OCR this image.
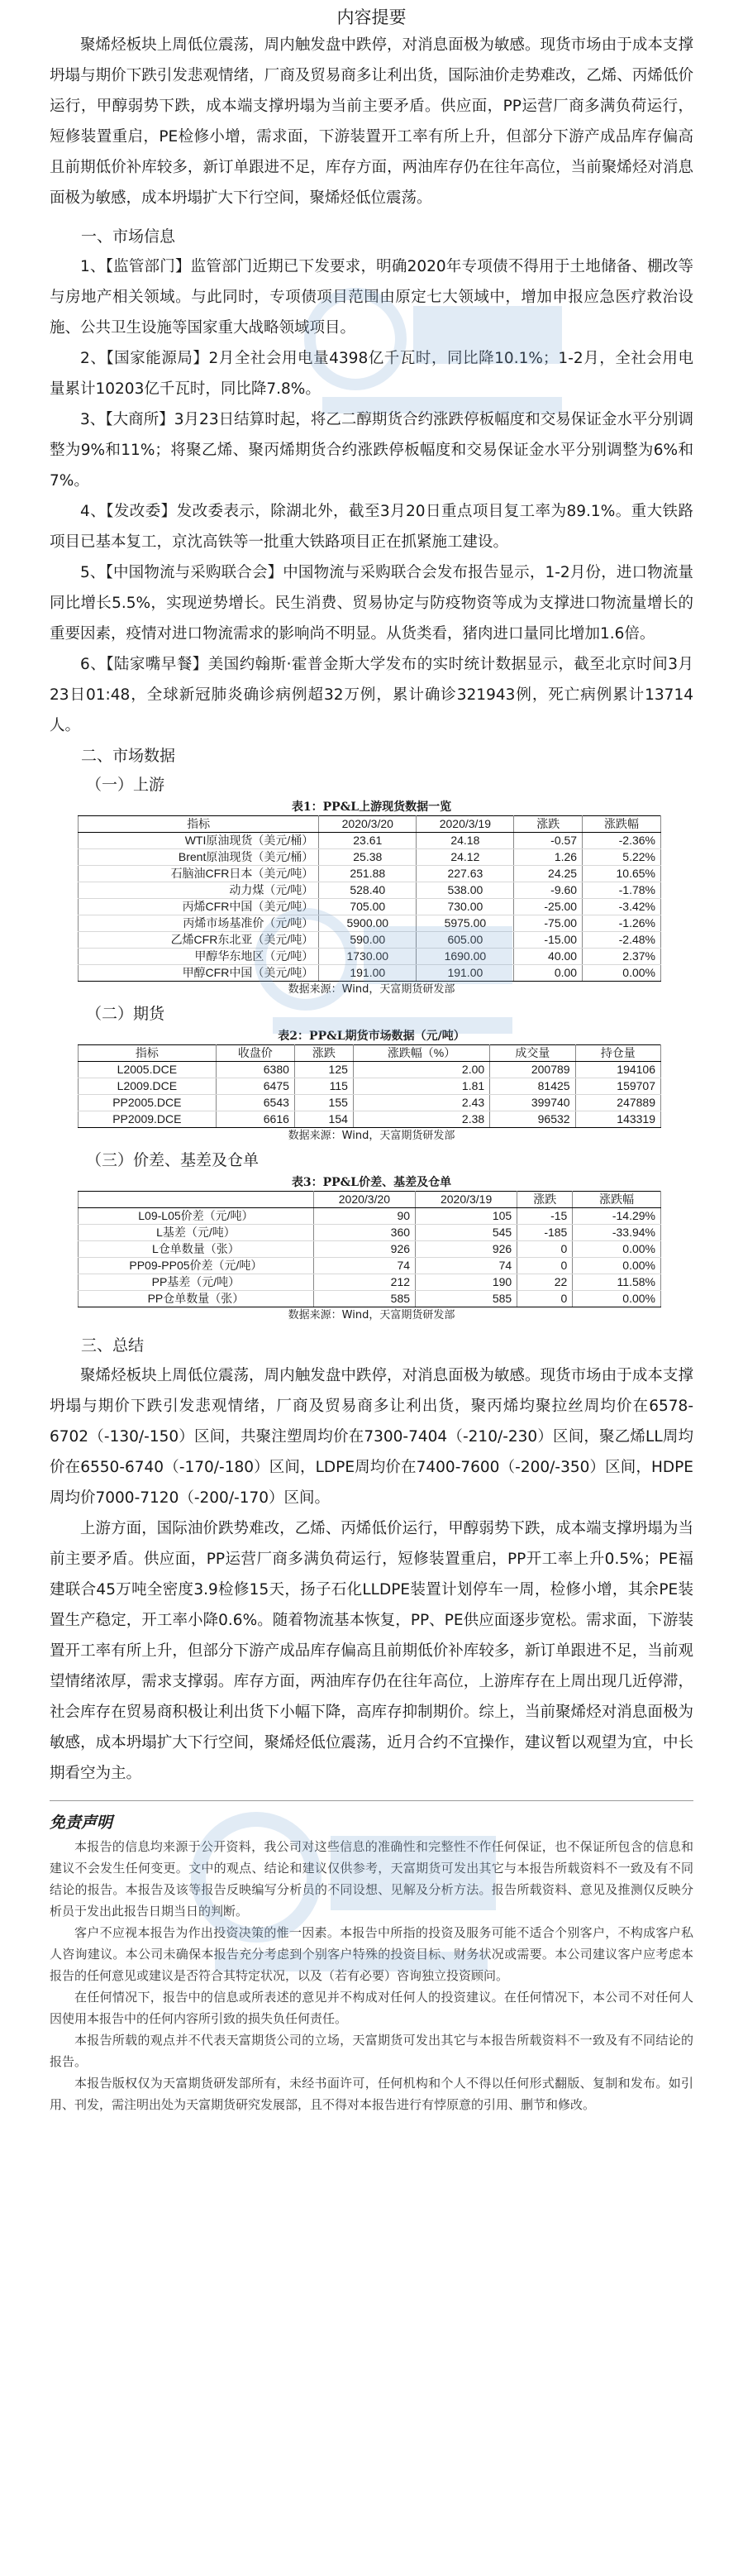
内容提要

聚烯烃板块上周低位震荡，周内触发盘中跌停，对消息面极为敏感。现货市场由于成本支撑坍塌与期价下跌引发悲观情绪，厂商及贸易商多让利出货，国际油价走势难改，乙烯、丙烯低价运行，甲醇弱势下跌，成本端支撑坍塌为当前主要矛盾。供应面，PP运营厂商多满负荷运行，短修装置重启，PE检修小增，需求面，下游装置开工率有所上升，但部分下游产成品库存偏高且前期低价补库较多，新订单跟进不足，库存方面，两油库存仍在往年高位，当前聚烯烃对消息面极为敏感，成本坍塌扩大下行空间，聚烯烃低位震荡。

一、市场信息

1、【监管部门】监管部门近期已下发要求，明确2020年专项债不得用于土地储备、棚改等与房地产相关领域。与此同时，专项债项目范围由原定七大领域中，增加申报应急医疗救治设施、公共卫生设施等国家重大战略领域项目。

2、【国家能源局】2月全社会用电量4398亿千瓦时，同比降10.1%；1-2月，全社会用电量累计10203亿千瓦时，同比降7.8%。

3、【大商所】3月23日结算时起，将乙二醇期货合约涨跌停板幅度和交易保证金水平分别调整为9%和11%；将聚乙烯、聚丙烯期货合约涨跌停板幅度和交易保证金水平分别调整为6%和7%。

4、【发改委】发改委表示，除湖北外，截至3月20日重点项目复工率为89.1%。重大铁路项目已基本复工，京沈高铁等一批重大铁路项目正在抓紧施工建设。

5、【中国物流与采购联合会】中国物流与采购联合会发布报告显示，1-2月份，进口物流量同比增长5.5%，实现逆势增长。民生消费、贸易协定与防疫物资等成为支撑进口物流量增长的重要因素，疫情对进口物流需求的影响尚不明显。从货类看，猪肉进口量同比增加1.6倍。

6、【陆家嘴早餐】美国约翰斯·霍普金斯大学发布的实时统计数据显示，截至北京时间3月23日01:48，全球新冠肺炎确诊病例超32万例，累计确诊321943例，死亡病例累计13714人。

二、市场数据
（一）上游
表1：PP&L上游现货数据一览
指标	2020/3/20	2020/3/19	涨跌	涨跌幅
WTI原油现货（美元/桶）	23.61	24.18	-0.57	-2.36%
Brent原油现货（美元/桶）	25.38	24.12	1.26	5.22%
石脑油CFR日本（美元/吨）	251.88	227.63	24.25	10.65%
动力煤（元/吨）	528.40	538.00	-9.60	-1.78%
丙烯CFR中国（美元/吨）	705.00	730.00	-25.00	-3.42%
丙烯市场基准价（元/吨）	5900.00	5975.00	-75.00	-1.26%
乙烯CFR东北亚（美元/吨）	590.00	605.00	-15.00	-2.48%
甲醇华东地区（元/吨）	1730.00	1690.00	40.00	2.37%
甲醇CFR中国（美元/吨）	191.00	191.00	0.00	0.00%
数据来源：Wind，天富期货研发部
（二）期货
表2：PP&L期货市场数据（元/吨）
指标	收盘价	涨跌	涨跌幅（%）	成交量	持仓量
L2005.DCE	6380	125	2.00	200789	194106
L2009.DCE	6475	115	1.81	81425	159707
PP2005.DCE	6543	155	2.43	399740	247889
PP2009.DCE	6616	154	2.38	96532	143319
数据来源：Wind，天富期货研发部
（三）价差、基差及仓单
表3：PP&L价差、基差及仓单
	2020/3/20	2020/3/19	涨跌	涨跌幅
L09-L05价差（元/吨）	90	105	-15	-14.29%
L基差（元/吨）	360	545	-185	-33.94%
L仓单数量（张）	926	926	0	0.00%
PP09-PP05价差（元/吨）	74	74	0	0.00%
PP基差（元/吨）	212	190	22	11.58%
PP仓单数量（张）	585	585	0	0.00%
数据来源：Wind，天富期货研发部
三、总结

聚烯烃板块上周低位震荡，周内触发盘中跌停，对消息面极为敏感。现货市场由于成本支撑坍塌与期价下跌引发悲观情绪，厂商及贸易商多让利出货，聚丙烯均聚拉丝周均价在6578-6702（-130/-150）区间，共聚注塑周均价在7300-7404（-210/-230）区间，聚乙烯LL周均价在6550-6740（-170/-180）区间，LDPE周均价在7400-7600（-200/-350）区间，HDPE周均价7000-7120（-200/-170）区间。

上游方面，国际油价跌势难改，乙烯、丙烯低价运行，甲醇弱势下跌，成本端支撑坍塌为当前主要矛盾。供应面，PP运营厂商多满负荷运行，短修装置重启，PP开工率上升0.5%；PE福建联合45万吨全密度3.9检修15天，扬子石化LLDPE装置计划停车一周，检修小增，其余PE装置生产稳定，开工率小降0.6%。随着物流基本恢复，PP、PE供应面逐步宽松。需求面，下游装置开工率有所上升，但部分下游产成品库存偏高且前期低价补库较多，新订单跟进不足，当前观望情绪浓厚，需求支撑弱。库存方面，两油库存仍在往年高位，上游库存在上周出现几近停滞，社会库存在贸易商积极让利出货下小幅下降，高库存抑制期价。综上，当前聚烯烃对消息面极为敏感，成本坍塌扩大下行空间，聚烯烃低位震荡，近月合约不宜操作，建议暂以观望为宜，中长期看空为主。

免责声明

本报告的信息均来源于公开资料，我公司对这些信息的准确性和完整性不作任何保证，也不保证所包含的信息和建议不会发生任何变更。文中的观点、结论和建议仅供参考，天富期货可发出其它与本报告所载资料不一致及有不同结论的报告。本报告及该等报告反映编写分析员的不同设想、见解及分析方法。报告所载资料、意见及推测仅反映分析员于发出此报告日期当日的判断。

客户不应视本报告为作出投资决策的惟一因素。本报告中所指的投资及服务可能不适合个别客户，不构成客户私人咨询建议。本公司未确保本报告充分考虑到个别客户特殊的投资目标、财务状况或需要。本公司建议客户应考虑本报告的任何意见或建议是否符合其特定状况，以及（若有必要）咨询独立投资顾问。

在任何情况下，报告中的信息或所表述的意见并不构成对任何人的投资建议。在任何情况下，本公司不对任何人因使用本报告中的任何内容所引致的损失负任何责任。

本报告所载的观点并不代表天富期货公司的立场，天富期货可发出其它与本报告所载资料不一致及有不同结论的报告。

本报告版权仅为天富期货研发部所有，未经书面许可，任何机构和个人不得以任何形式翻版、复制和发布。如引用、刊发，需注明出处为天富期货研究发展部，且不得对本报告进行有悖原意的引用、删节和修改。
